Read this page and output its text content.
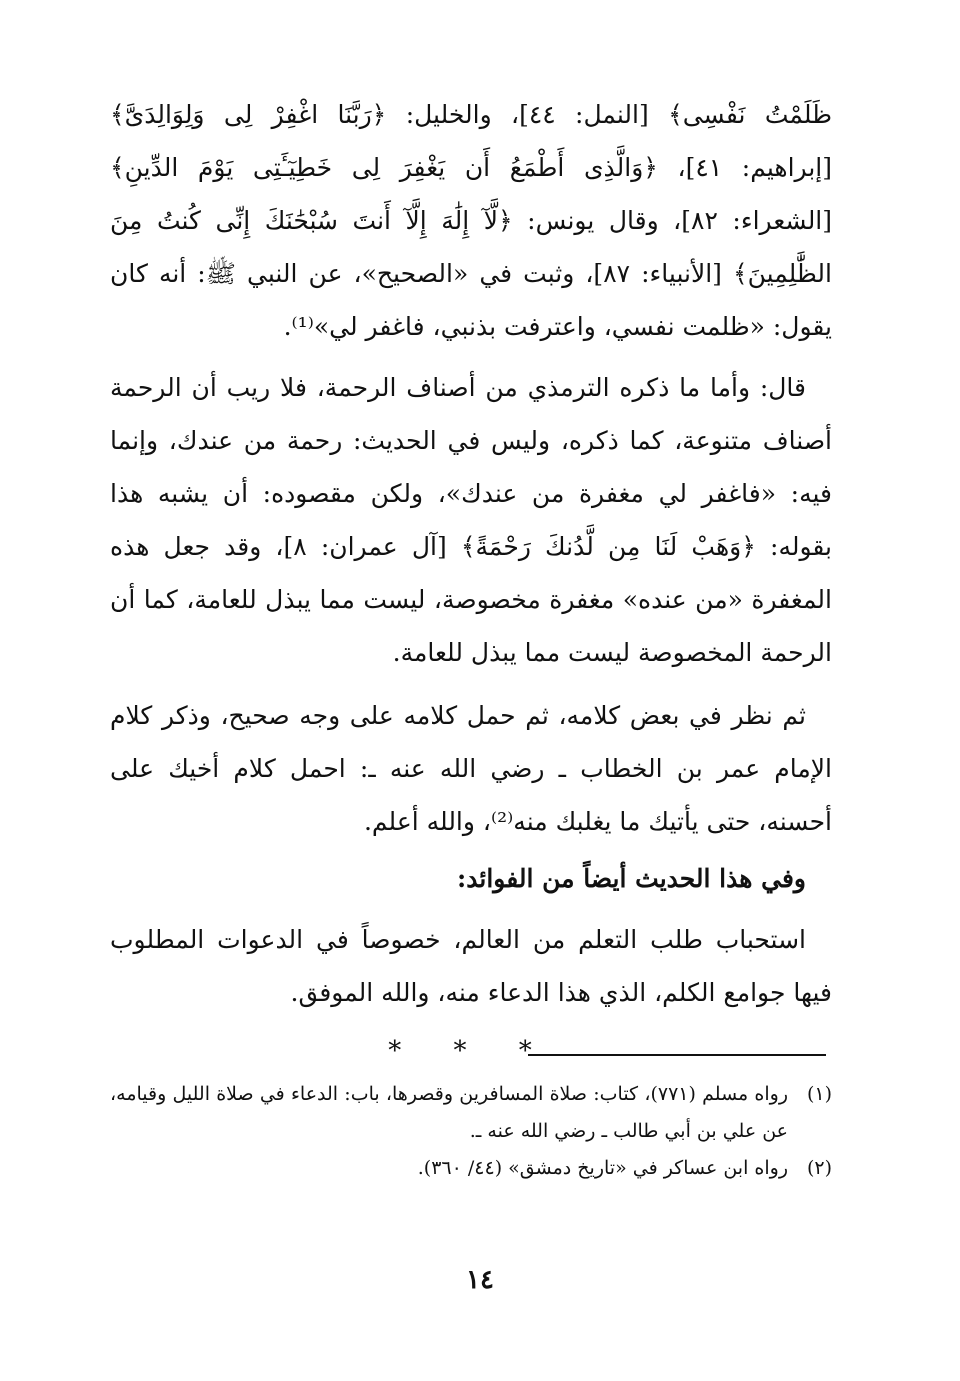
ظَلَمْتُ نَفْسِى﴾ [النمل: ٤٤]، والخليل: ﴿رَبَّنَا اغْفِرْ لِى وَلِوَالِدَىَّ﴾ [إبراهيم: ٤١]، ﴿وَالَّذِى أَطْمَعُ أَن يَغْفِرَ لِى خَطِيٓـَٔتِى يَوْمَ الدِّينِ﴾ [الشعراء: ٨٢]، وقال يونس: ﴿لَّآ إِلَٰهَ إِلَّآ أَنتَ سُبْحَٰنَكَ إِنِّى كُنتُ مِنَ الظَّٰلِمِينَ﴾ [الأنبياء: ٨٧]، وثبت في «الصحيح»، عن النبي ﷺ: أنه كان يقول: «ظلمت نفسي، واعترفت بذنبي، فاغفر لي»⁽¹⁾.

قال: وأما ما ذكره الترمذي من أصناف الرحمة، فلا ريب أن الرحمة أصناف متنوعة، كما ذكره، وليس في الحديث: رحمة من عندك، وإنما فيه: «فاغفر لي مغفرة من عندك»، ولكن مقصوده: أن يشبه هذا بقوله: ﴿وَهَبْ لَنَا مِن لَّدُنكَ رَحْمَةً﴾ [آل عمران: ٨]، وقد جعل هذه المغفرة «من عنده» مغفرة مخصوصة، ليست مما يبذل للعامة، كما أن الرحمة المخصوصة ليست مما يبذل للعامة.

ثم نظر في بعض كلامه، ثم حمل كلامه على وجه صحيح، وذكر كلام الإمام عمر بن الخطاب ـ رضي الله عنه ـ: احمل كلام أخيك على أحسنه، حتى يأتيك ما يغلبك منه⁽²⁾، والله أعلم.

وفي هذا الحديث أيضاً من الفوائد:

استحباب طلب التعلم من العالم، خصوصاً في الدعوات المطلوب فيها جوامع الكلم، الذي هذا الدعاء منه، والله الموفق.

* * *
(١)
رواه مسلم (٧٧١)، كتاب: صلاة المسافرين وقصرها، باب: الدعاء في صلاة الليل وقيامه، عن علي بن أبي طالب ـ رضي الله عنه ـ.
(٢)
رواه ابن عساكر في «تاريخ دمشق» (٤٤/ ٣٦٠).
١٤
